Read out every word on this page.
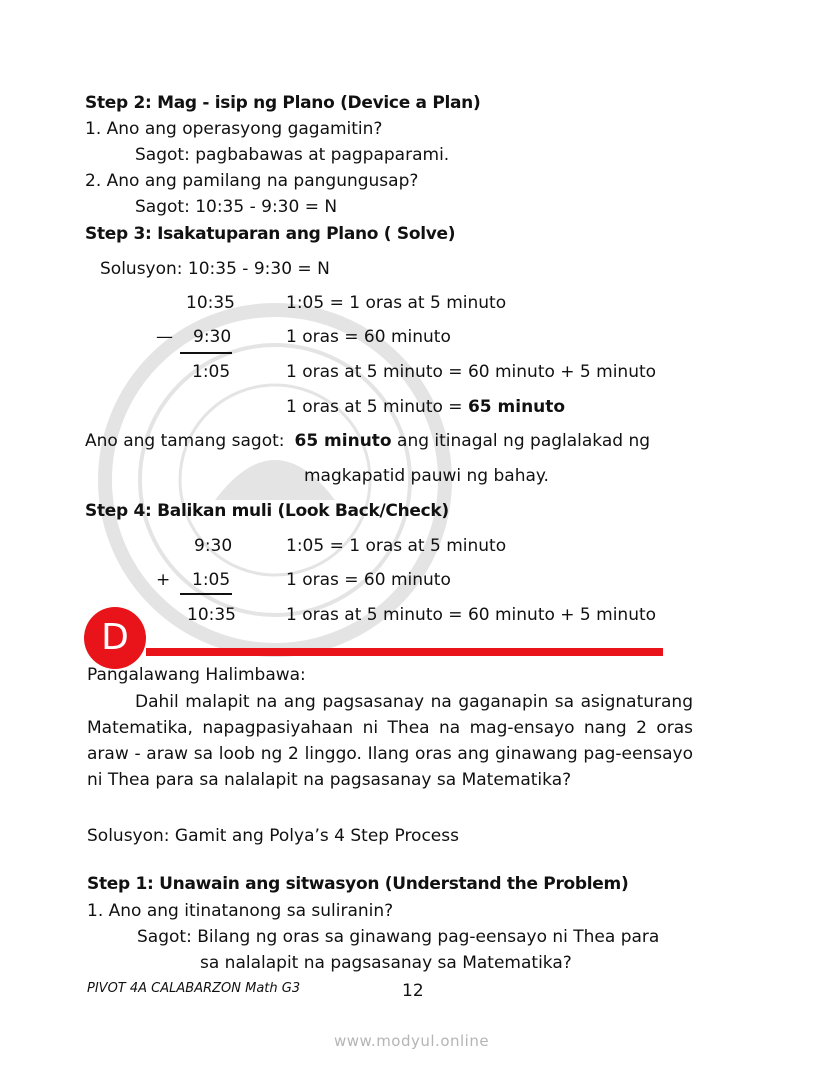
Step 2: Mag - isip ng Plano (Device a Plan)
1. Ano ang operasyong gagamitin?
Sagot: pagbabawas at pagpaparami.
2. Ano ang pamilang na pangungusap?
Sagot: 10:35 - 9:30 = N
Step 3: Isakatuparan ang Plano ( Solve)
Solusyon: 10:35 - 9:30 = N
10:35
— 9:30
1:05
1:05 = 1 oras at 5 minuto
1 oras = 60 minuto
1 oras at 5 minuto = 60 minuto + 5 minuto
1 oras at 5 minuto = 65 minuto
Ano ang tamang sagot: 65 minuto ang itinagal ng paglalakad ng
magkapatid pauwi ng bahay.
Step 4: Balikan muli (Look Back/Check)
9:30
+ 1:05
10:35
1:05 = 1 oras at 5 minuto
1 oras = 60 minuto
1 oras at 5 minuto = 60 minuto + 5 minuto
D
Pangalawang Halimbawa:
Dahil malapit na ang pagsasanay na gaganapin sa asignaturang Matematika, napagpasiyahaan ni Thea na mag-ensayo nang 2 oras araw - araw sa loob ng 2 linggo. Ilang oras ang ginawang pag-eensayo ni Thea para sa nalalapit na pagsasanay sa Matematika?
Solusyon: Gamit ang Polya’s 4 Step Process
Step 1: Unawain ang sitwasyon (Understand the Problem)
1. Ano ang itinatanong sa suliranin?
Sagot: Bilang ng oras sa ginawang pag-eensayo ni Thea para
sa nalalapit na pagsasanay sa Matematika?
PIVOT 4A CALABARZON Math G3	12
www.modyul.online
